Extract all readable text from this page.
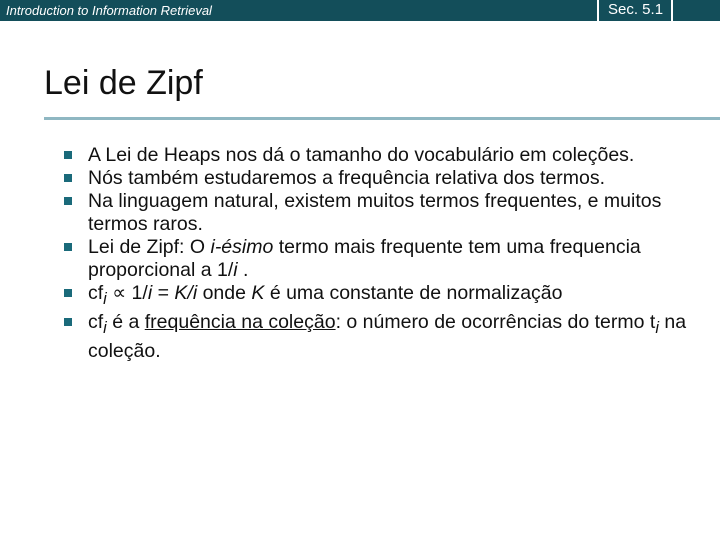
Introduction to Information Retrieval	Sec. 5.1
Lei de Zipf
A Lei de Heaps nos dá o tamanho do vocabulário em coleções.
Nós também estudaremos a frequência relativa dos termos.
Na linguagem natural, existem muitos termos frequentes, e muitos termos raros.
Lei de Zipf: O i-ésimo termo mais frequente tem uma frequencia proporcional a 1/i .
$cf_i \propto 1/i = K/i$ onde K é uma constante de normalização
$cf_i$ é a frequência na coleção: o número de ocorrências do termo $t_i$ na coleção.
